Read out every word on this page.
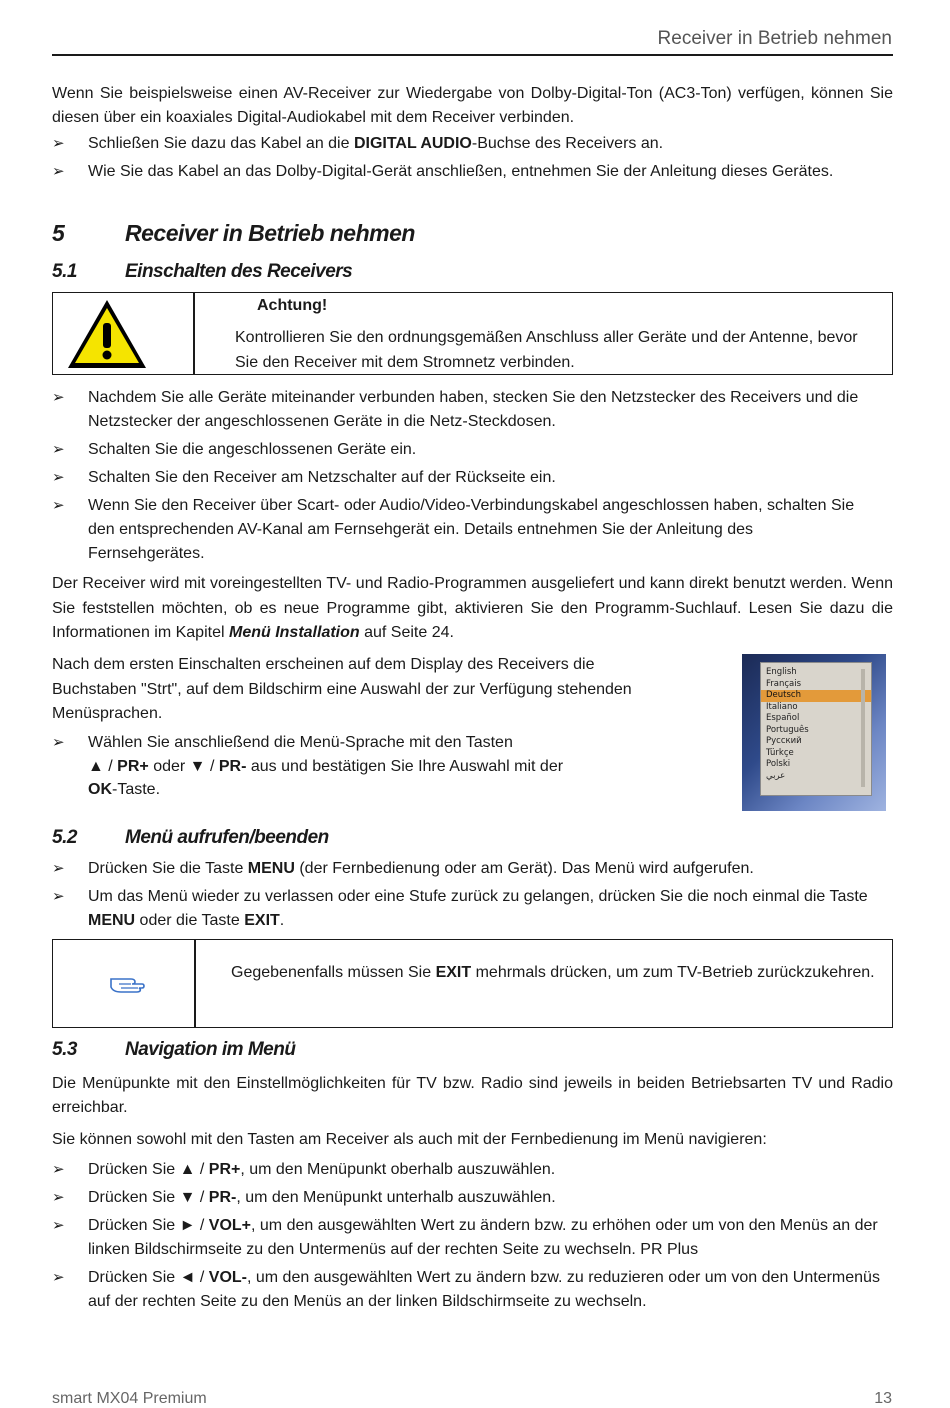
Receiver in Betrieb nehmen

Wenn Sie beispielsweise einen AV-Receiver zur Wiedergabe von Dolby-Digital-Ton (AC3-Ton) verfügen, können Sie diesen über ein koaxiales Digital-Audiokabel mit dem Receiver verbinden.

➢	Schließen Sie dazu das Kabel an die DIGITAL AUDIO-Buchse des Receivers an.
➢	Wie Sie das Kabel an das Dolby-Digital-Gerät anschließen, entnehmen Sie der Anleitung dieses Gerätes.
5	Receiver in Betrieb nehmen
5.1	Einschalten des Receivers
Achtung!
Kontrollieren Sie den ordnungsgemäßen Anschluss aller Geräte und der Antenne, bevor Sie den Receiver mit dem Stromnetz verbinden.
➢	Nachdem Sie alle Geräte miteinander verbunden haben, stecken Sie den Netzstecker des Receivers und die Netzstecker der angeschlossenen Geräte in die Netz-Steckdosen.
➢	Schalten Sie die angeschlossenen Geräte ein.
➢	Schalten Sie den Receiver am Netzschalter auf der Rückseite ein.
➢	Wenn Sie den Receiver über Scart- oder Audio/Video-Verbindungskabel angeschlossen haben, schalten Sie den entsprechenden AV-Kanal am Fernsehgerät ein. Details entnehmen Sie der Anleitung des Fernsehgerätes.

Der Receiver wird mit voreingestellten TV- und Radio-Programmen ausgeliefert und kann direkt benutzt werden. Wenn Sie feststellen möchten, ob es neue Programme gibt, aktivieren Sie den Programm-Suchlauf. Lesen Sie dazu die Informationen im Kapitel Menü Installation auf Seite 24.

Nach dem ersten Einschalten erscheinen auf dem Display des Receivers die Buchstaben "Strt", auf dem Bildschirm eine Auswahl der zur Verfügung stehenden Menüsprachen.

➢	Wählen Sie anschließend die Menü-Sprache mit den Tasten
▲ / PR+ oder ▼ / PR- aus und bestätigen Sie Ihre Auswahl mit der
OK-Taste.
English
Français
Deutsch
Italiano
Español
Português
Русский
Türkçe
Polski
عربي
5.2	Menü aufrufen/beenden
➢	Drücken Sie die Taste MENU (der Fernbedienung oder am Gerät). Das Menü wird aufgerufen.
➢	Um das Menü wieder zu verlassen oder eine Stufe zurück zu gelangen, drücken Sie die noch einmal die Taste MENU oder die Taste EXIT.
Gegebenenfalls müssen Sie EXIT mehrmals drücken, um zum TV-Betrieb zurückzukehren.
5.3	Navigation im Menü

Die Menüpunkte mit den Einstellmöglichkeiten für TV bzw. Radio sind jeweils in beiden Betriebsarten TV und Radio erreichbar.

Sie können sowohl mit den Tasten am Receiver als auch mit der Fernbedienung im Menü navigieren:

➢	Drücken Sie ▲ / PR+, um den Menüpunkt oberhalb auszuwählen.
➢	Drücken Sie ▼ / PR-, um den Menüpunkt unterhalb auszuwählen.
➢	Drücken Sie ► / VOL+, um den ausgewählten Wert zu ändern bzw. zu erhöhen oder um von den Menüs an der linken Bildschirmseite zu den Untermenüs auf der rechten Seite zu wechseln. PR Plus
➢	Drücken Sie ◄ / VOL-, um den ausgewählten Wert zu ändern bzw. zu reduzieren oder um von den Untermenüs auf der rechten Seite zu den Menüs an der linken Bildschirmseite zu wechseln.
smart MX04 Premium	13
